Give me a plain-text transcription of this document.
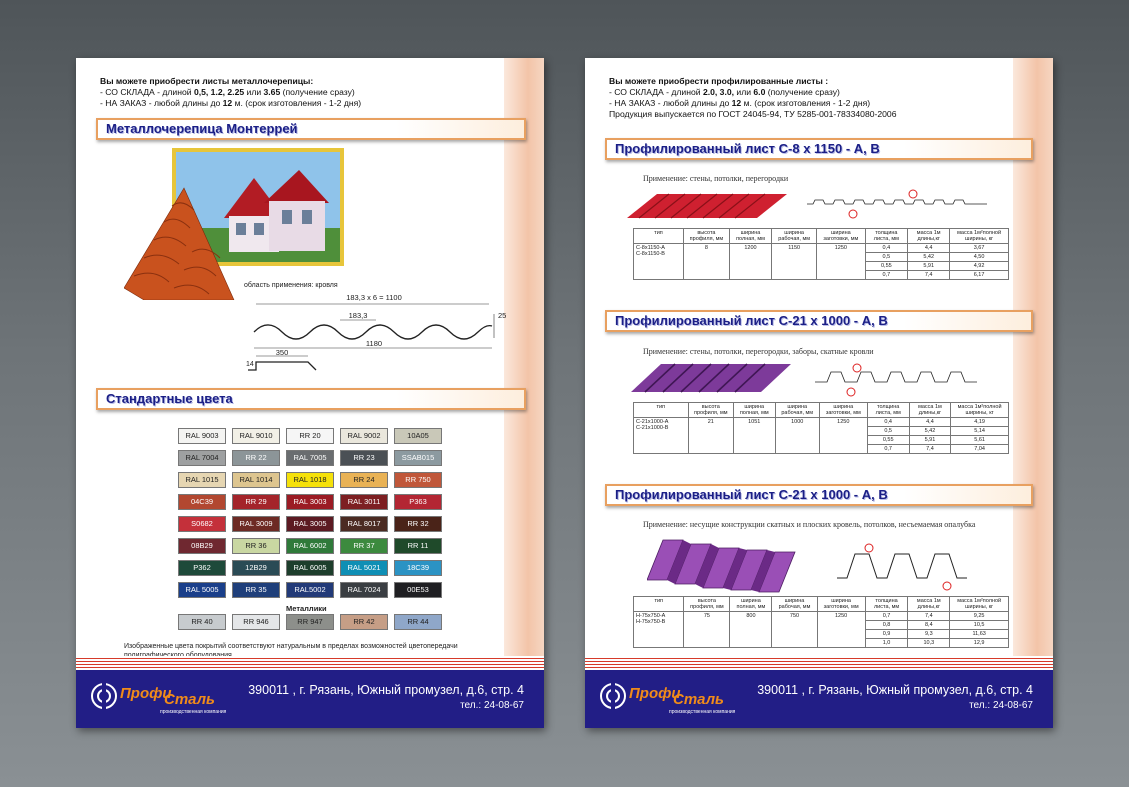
Вы можете приобрести листы металлочерепицы:
- СО СКЛАДА - длиной 0,5, 1.2, 2.25 или 3.65 (получение сразу)
- НА ЗАКАЗ - любой длины до 12 м. (срок изготовления - 1-2 дня)
Металлочерепица Монтеррей
область применения: кровля
183,3 x 6 = 1100
183,3	25
1180
350
14
Стандартные цвета
RAL 9003	RAL 9010	RR 20	RAL 9002	10A05
RAL 7004	RR 22	RAL 7005	RR 23	SSAB015
RAL 1015	RAL 1014	RAL 1018	RR 24	RR 750
04C39	RR 29	RAL 3003	RAL 3011	P363
S0682	RAL 3009	RAL 3005	RAL 8017	RR 32
08B29	RR 36	RAL 6002	RR 37	RR 11
P362	12B29	RAL 6005	RAL 5021	18C39
RAL 5005	RR 35	RAL5002	RAL 7024	00E53
RR 40	RR 946	RR 947	RR 42	RR 44
Металлики
Изображенные цвета покрытий соответствуют натуральным в пределах возможностей цветопередачи
Профи
Сталь
производственная компания
390011 , г. Рязань, Южный промузел, д.6, стр. 4
тел.: 24-08-67
Вы можете приобрести профилированные листы :
- СО СКЛАДА - длиной 2.0, 3.0, или 6.0 (получение сразу)
- НА ЗАКАЗ - любой длины до 12 м. (срок изготовления - 1-2 дня)
Продукция выпускается по ГОСТ 24045-94, ТУ 5285-001-78334080-2006
Профилированный лист С-8 х 1150 - А, В
Применение: стены, потолки, перегородки
тип	высота профиля, мм	ширина полная, мм	ширина рабочая, мм	ширина заготовки, мм	толщина листа, мм	масса 1м длины,кг	масса 1м²полной ширины, кг
С-8х1150-А С-8х1150-В	8	1200	1150	1250	0,4	4,4	3,67
					0,5	5,42	4,50
					0,55	5,91	4,92
					0,7	7,4	6,17
Профилированный лист С-21 х 1000 - А, В
Применение: стены, потолки, перегородки, заборы, скатные кровли
тип	высота профиля, мм	ширина полная, мм	ширина рабочая, мм	ширина заготовки, мм	толщина листа, мм	масса 1м длины,кг	масса 1м²полной ширины, кг
С-21х1000-А С-21х1000-В	21	1051	1000	1250	0,4	4,4	4,19
					0,5	5,42	5,14
					0,55	5,91	5,61
					0,7	7,4	7,04
Профилированный лист С-21 х 1000 - А, В
Применение: несущие конструкции скатных и плоских кровель, потолков, несъемаемая опалубка
тип	высота профиля, мм	ширина полная, мм	ширина рабочая, мм	ширина заготовки, мм	толщина листа, мм	масса 1м длины,кг	масса 1м²полной ширины, кг
Н-75х750-А Н-75х750-В	75	800	750	1250	0,7	7,4	9,25
					0,8	8,4	10,5
					0,9	9,3	11,63
					1,0	10,3	12,9
Профи
Сталь
производственная компания
390011 , г. Рязань, Южный промузел, д.6, стр. 4
тел.: 24-08-67
